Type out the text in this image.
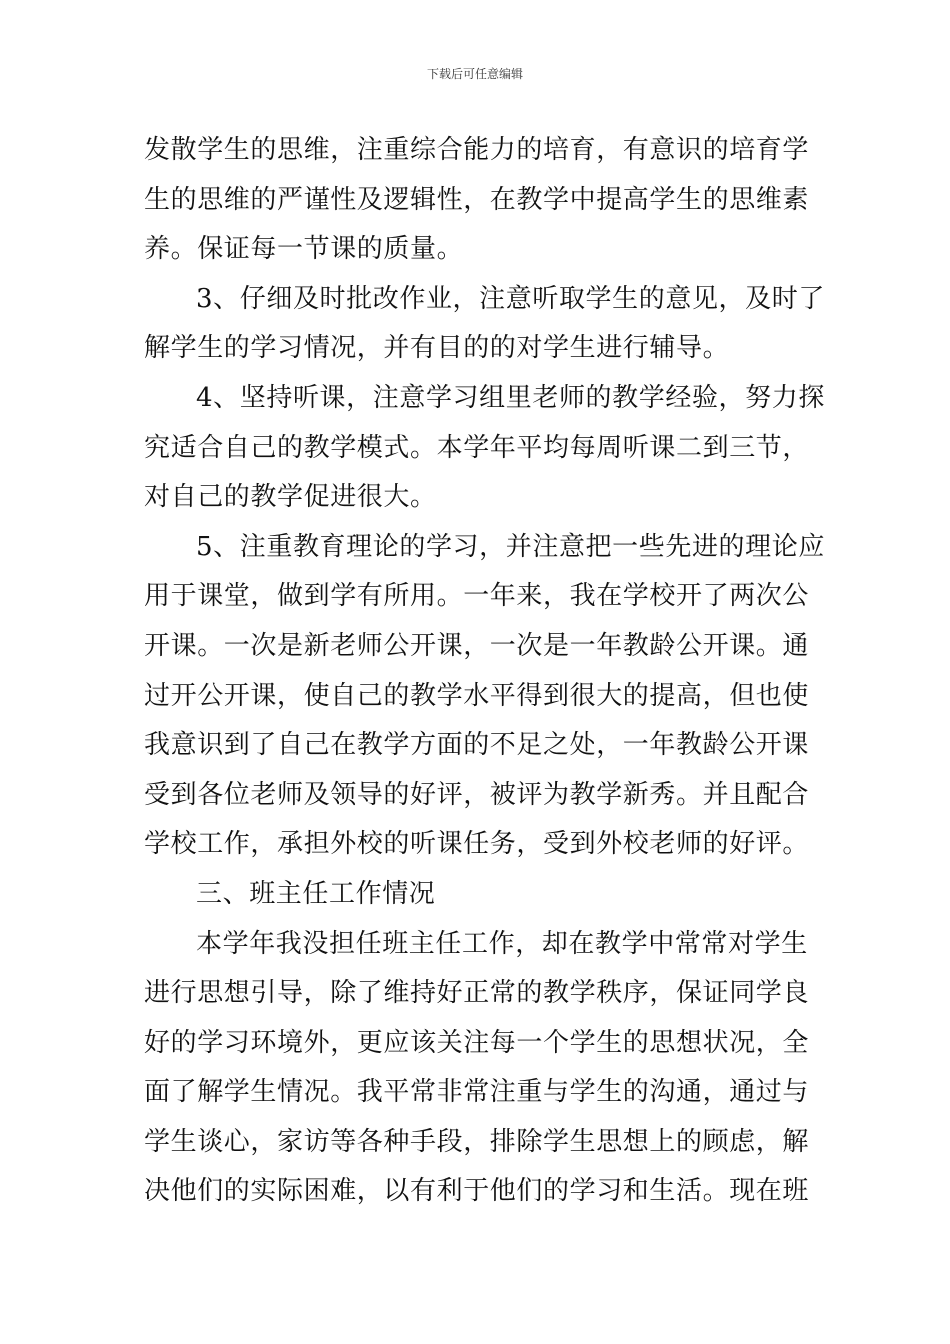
下载后可任意编辑
发散学生的思维，注重综合能力的培育，有意识的培育学
生的思维的严谨性及逻辑性，在教学中提高学生的思维素
养。保证每一节课的质量。
3、仔细及时批改作业，注意听取学生的意见，及时了
解学生的学习情况，并有目的的对学生进行辅导。
4、坚持听课，注意学习组里老师的教学经验，努力探
究适合自己的教学模式。本学年平均每周听课二到三节，
对自己的教学促进很大。
5、注重教育理论的学习，并注意把一些先进的理论应
用于课堂，做到学有所用。一年来，我在学校开了两次公
开课。一次是新老师公开课，一次是一年教龄公开课。通
过开公开课，使自己的教学水平得到很大的提高，但也使
我意识到了自己在教学方面的不足之处，一年教龄公开课
受到各位老师及领导的好评，被评为教学新秀。并且配合
学校工作，承担外校的听课任务，受到外校老师的好评。
三、班主任工作情况
本学年我没担任班主任工作，却在教学中常常对学生
进行思想引导，除了维持好正常的教学秩序，保证同学良
好的学习环境外，更应该关注每一个学生的思想状况，全
面了解学生情况。我平常非常注重与学生的沟通，通过与
学生谈心，家访等各种手段，排除学生思想上的顾虑，解
决他们的实际困难，以有利于他们的学习和生活。现在班
